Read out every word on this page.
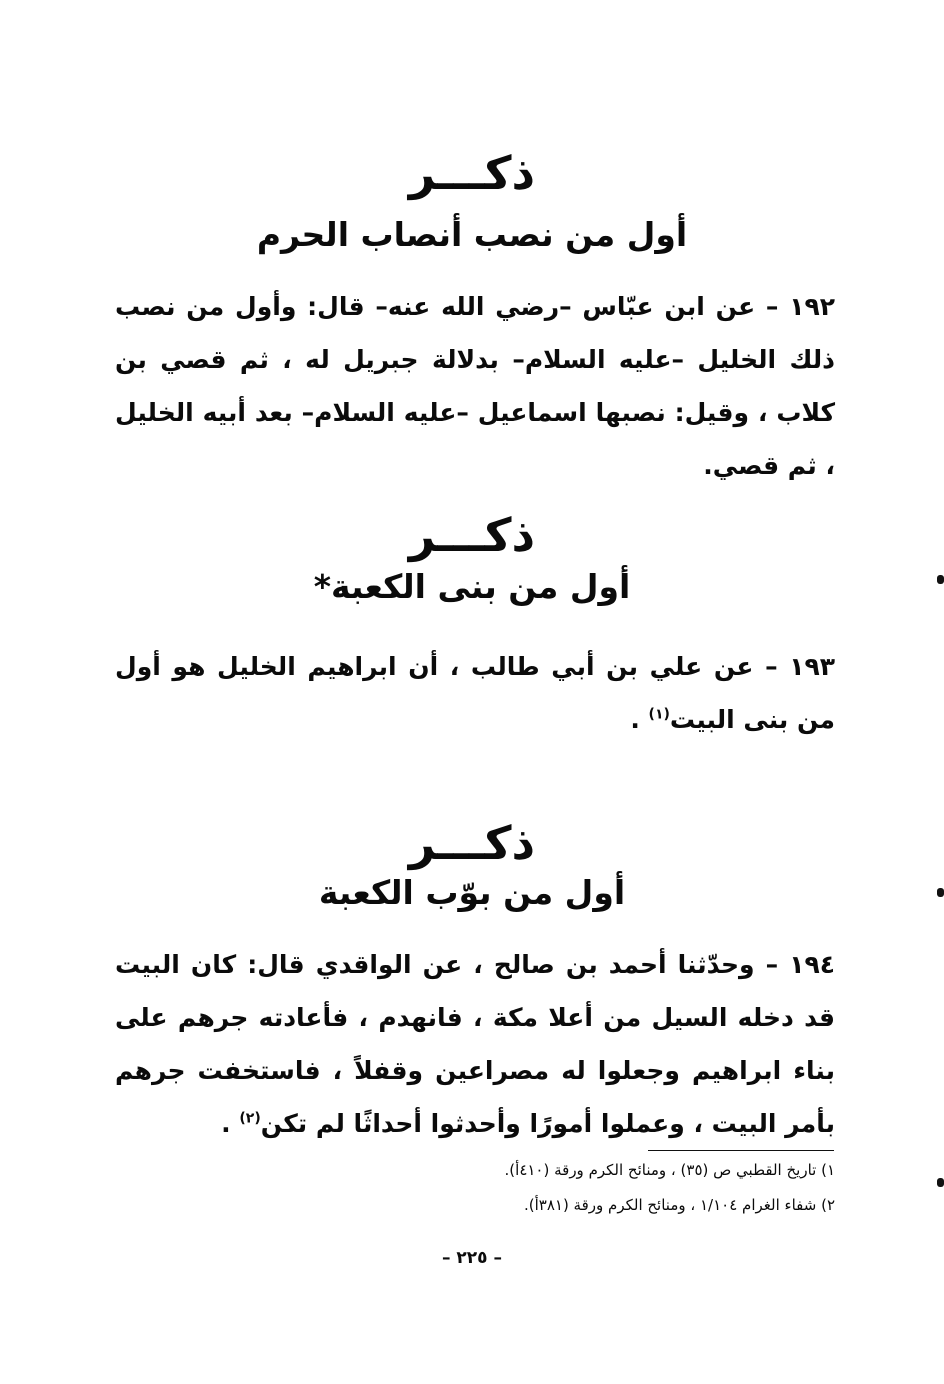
ذكـــر
أول من نصب أنصاب الحرم
١٩٢ – عن ابن عبّاس –رضي الله عنه– قال: وأول من نصب ذلك الخليل –عليه السلام– بدلالة جبريل له ، ثم قصي بن كلاب ، وقيل: نصبها اسماعيل –عليه السلام– بعد أبيه الخليل ، ثم قصي.
ذكـــر
أول من بنى الكعبة*
١٩٣ – عن علي بن أبي طالب ، أن ابراهيم الخليل هو أول من بنى البيت$^{(١)}$ .
ذكـــر
أول من بوّب الكعبة
١٩٤ – وحدّثنا أحمد بن صالح ، عن الواقدي قال: كان البيت قد دخله السيل من أعلا مكة ، فانهدم ، فأعادته جرهم على بناء ابراهيم وجعلوا له مصراعين وقفلاً ، فاستخفت جرهم بأمر البيت ، وعملوا أمورًا وأحدثوا أحداثًا لم تكن$^{(٢)}$ .
١) تاريخ القطبي ص (٣٥) ، ومنائح الكرم ورقة (٤١٠أ).
٢) شفاء الغرام ١/١٠٤ ، ومنائح الكرم ورقة (٣٨١أ).
– ٢٢٥ –
